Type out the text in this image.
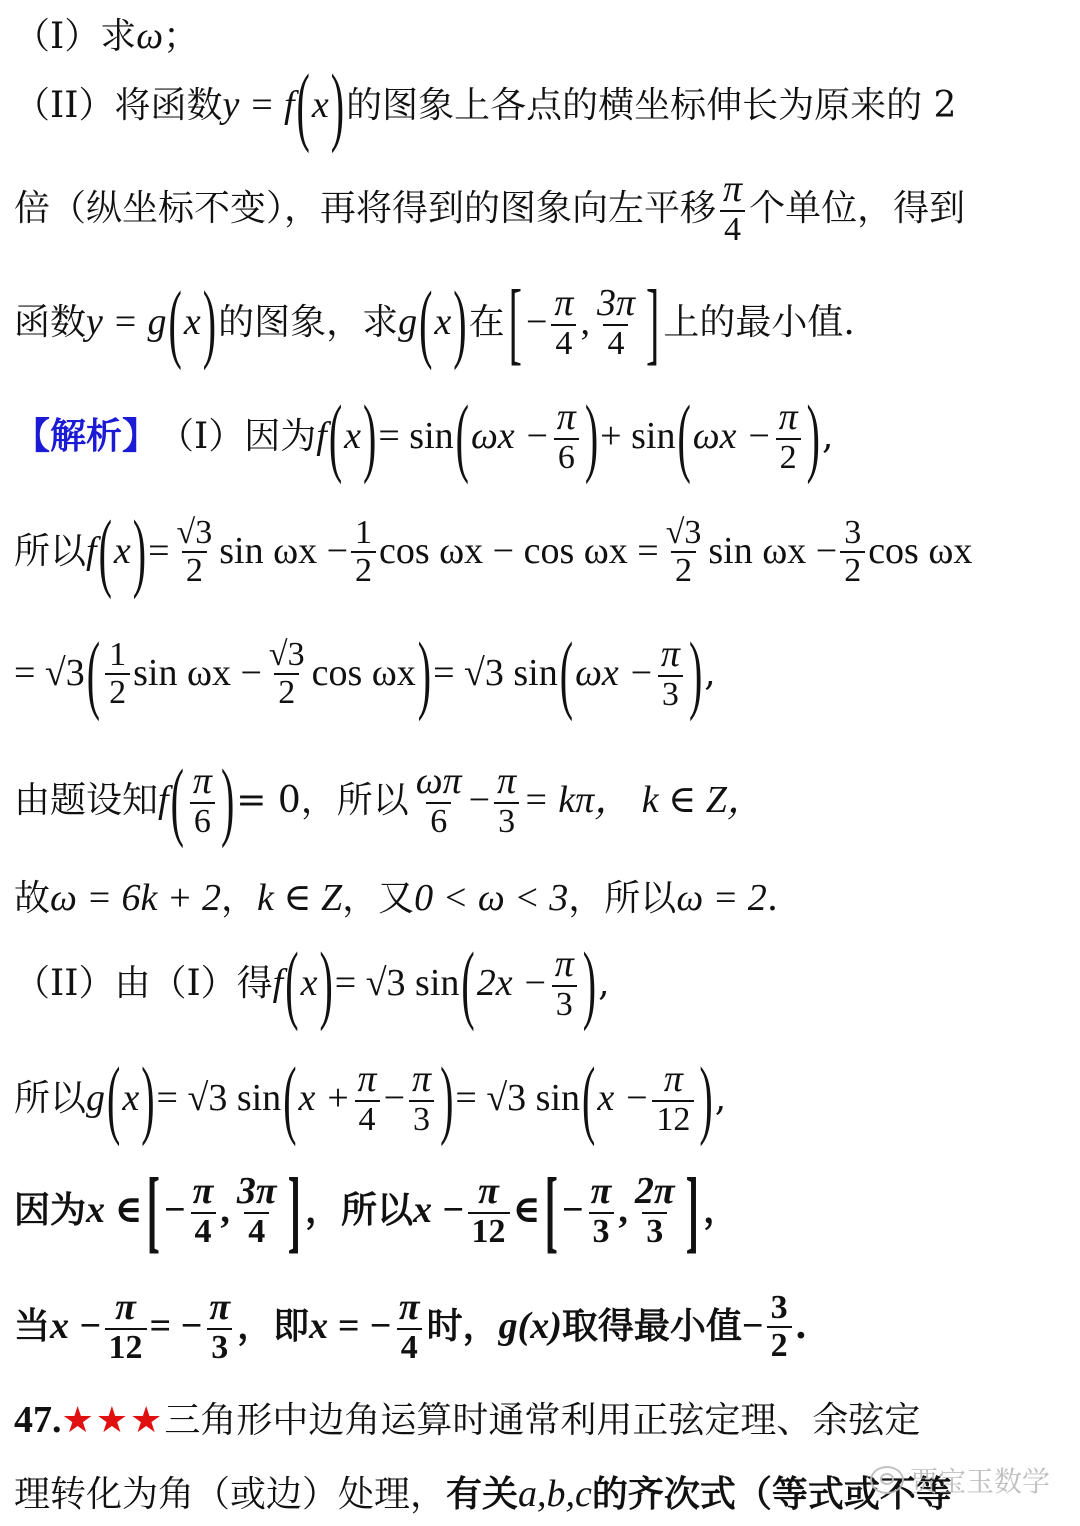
（I）求 ω ；
（II）将函数 y = f ( x ) 的图象上各点的横坐标伸长为原来的 2
倍（纵坐标不变），再将得到的图象向左平移 $\frac{\pi}{4}$ 个单位，得到
函数 y = g ( x ) 的图象，求 g ( x ) 在 [ − $\frac{\pi}{4}$ , $\frac{3\pi}{4}$ ] 上的最小值.
【解析】 （I）因为 f ( x ) = sin ( $\omega x - \frac{\pi}{6}$ ) + sin ( $\omega x - \frac{\pi}{2}$ ) ,
所以 f ( x ) = $\frac{√3}{2}$ $\sin \omega x - \frac{1}{2}$ $\cos \omega x - \cos \omega x = \frac{√3}{2}$ $\sin \omega x - \frac{3}{2}$ cos ωx
= √3 ( $\frac{1}{2}$ $\sin \omega x - \frac{√3}{2}$ cos ωx ) = √3 sin ( $\omega x - \frac{\pi}{3}$ ) ,
由题设知 f ( $\frac{\pi}{6}$ ) = 0，所以 $\frac{\omega\pi}{6} - \frac{\pi}{3} = k\pi$， k ∈ Z，
故 ω = 6k + 2 ， k ∈ Z ，又 0 < ω < 3 ，所以 ω = 2 .
（II）由（I）得 f ( x ) = √3 sin ( $2x - \frac{\pi}{3}$ ) ,
所以 g ( x ) = √3 sin ( $x + \frac{\pi}{4} - \frac{\pi}{3}$ ) = √3 sin ( $x - \frac{\pi}{12}$ ) ,
因为 x ∈ [ − $\frac{\pi}{4}$ , $\frac{3\pi}{4}$ ] ，所以 $x - \frac{\pi}{12}$ ∈ [ − $\frac{\pi}{3}$ , $\frac{2\pi}{3}$ ] ，
当 $x - \frac{\pi}{12}$ = − $\frac{\pi}{3}$ ，即 x = − $\frac{\pi}{4}$ 时， g(x) 取得最小值 − $\frac{3}{2}$ .
47. ★★★ 三角形中边角运算时通常利用正弦定理、余弦定
理转化为角（或边）处理， 有关 a,b,c 的齐次式（等式或不等
贾宝玉数学
